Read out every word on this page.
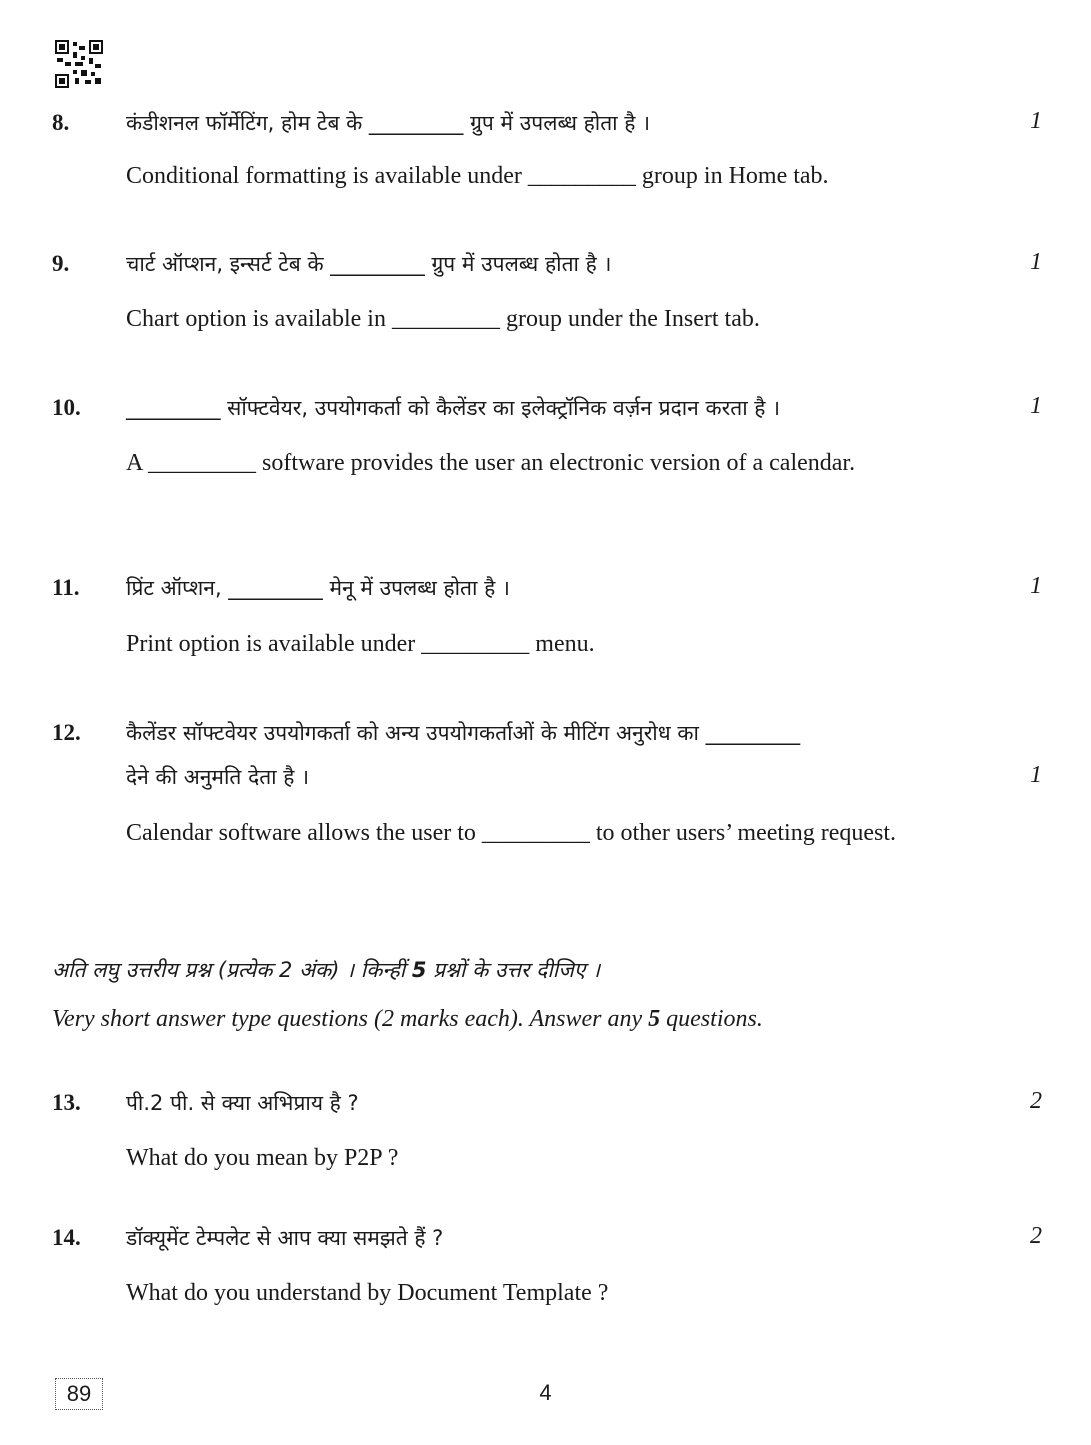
8.	कंडीशनल फॉर्मेटिंग, होम टेब के _________ ग्रुप में उपलब्ध होता है ।	1
Conditional formatting is available under _________ group in Home tab.
9.	चार्ट ऑप्शन, इन्सर्ट टेब के _________ ग्रुप में उपलब्ध होता है ।	1
Chart option is available in _________ group under the Insert tab.
10. _________ सॉफ्टवेयर, उपयोगकर्ता को कैलेंडर का इलेक्ट्रॉनिक वर्ज़न प्रदान करता है ।	1
A _________ software provides the user an electronic version of a calendar.
11. प्रिंट ऑप्शन, _________ मेनू में उपलब्ध होता है ।	1
Print option is available under _________ menu.
12. कैलेंडर सॉफ्टवेयर उपयोगकर्ता को अन्य उपयोगकर्ताओं के मीटिंग अनुरोध का _________
देने की अनुमति देता है ।	1
Calendar software allows the user to _________ to other users’ meeting request.
अति लघु उत्तरीय प्रश्न (प्रत्येक 2 अंक) । किन्हीं 5 प्रश्नों के उत्तर दीजिए ।
Very short answer type questions (2 marks each). Answer any 5 questions.
13. पी.2 पी. से क्या अभिप्राय है ?	2
What do you mean by P2P ?
14. डॉक्यूमेंट टेम्पलेट से आप क्या समझते हैं ?	2
What do you understand by Document Template ?
89	4
